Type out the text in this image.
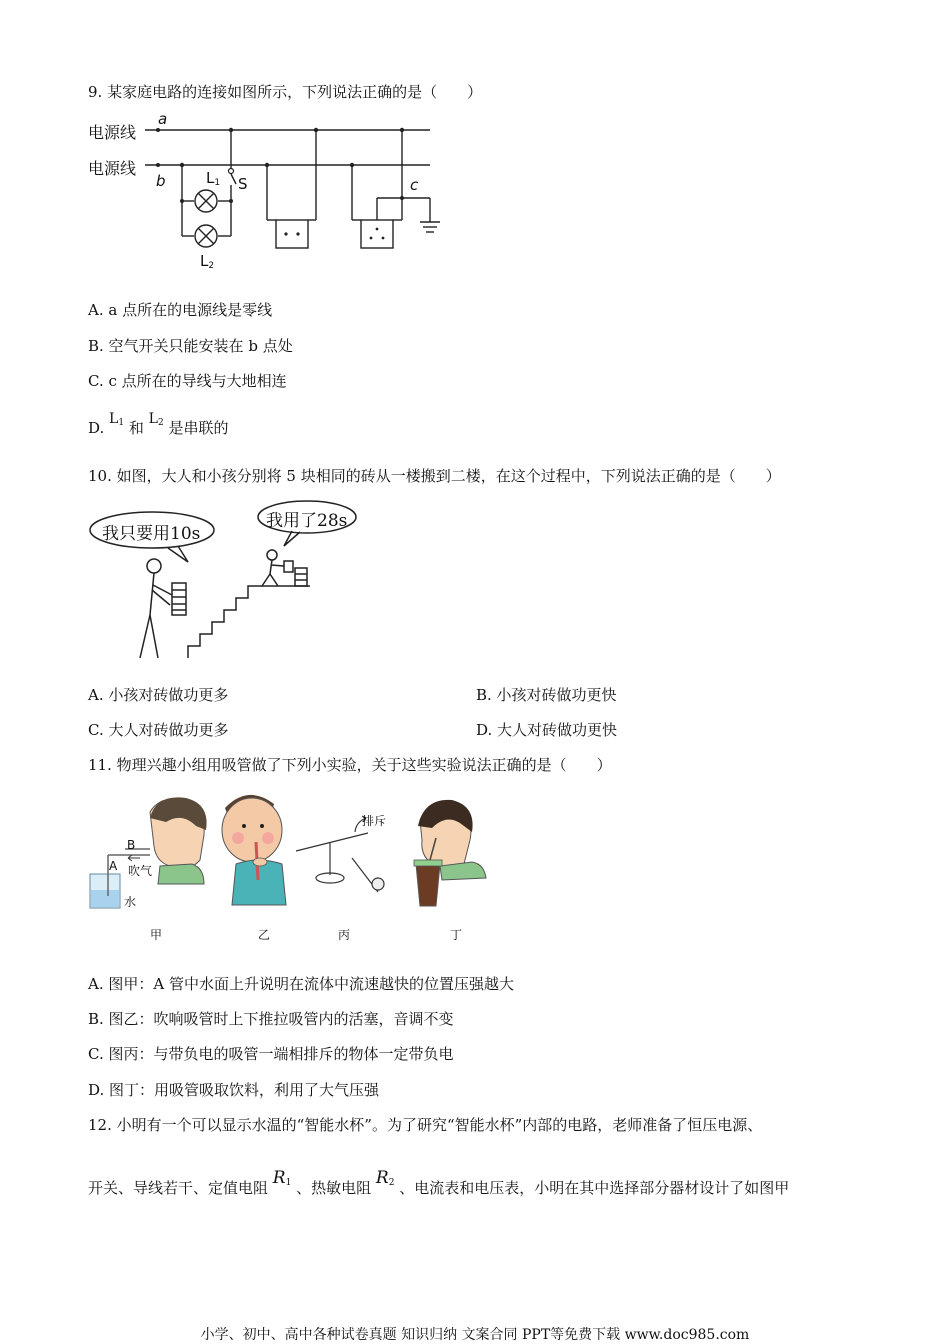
9. 某家庭电路的连接如图所示，下列说法正确的是（　　）
电源线
电源线
a
b	c
$L_1$ S
$L_2$
A. a 点所在的电源线是零线
B. 空气开关只能安装在 b 点处
C. c 点所在的导线与大地相连
D. $L_1$ 和 $L_2$ 是串联的
10. 如图，大人和小孩分别将 5 块相同的砖从一楼搬到二楼，在这个过程中，下列说法正确的是（　　）
我只要用10s
我用了28s
A. 小孩对砖做功更多	B. 小孩对砖做功更快
C. 大人对砖做功更多	D. 大人对砖做功更快
11. 物理兴趣小组用吸管做了下列小实验，关于这些实验说法正确的是（　　）
B
A 吹气
水
排斥
甲	乙	丙	丁
A. 图甲：A 管中水面上升说明在流体中流速越快的位置压强越大
B. 图乙：吹响吸管时上下推拉吸管内的活塞，音调不变
C. 图丙：与带负电的吸管一端相排斥的物体一定带负电
D. 图丁：用吸管吸取饮料，利用了大气压强
12. 小明有一个可以显示水温的“智能水杯”。为了研究“智能水杯”内部的电路，老师准备了恒压电源、
开关、导线若干、定值电阻 $R_1$ 、热敏电阻 $R_2$ 、电流表和电压表，小明在其中选择部分器材设计了如图甲
小学、初中、高中各种试卷真题 知识归纳 文案合同 PPT等免费下载 www.doc985.com
